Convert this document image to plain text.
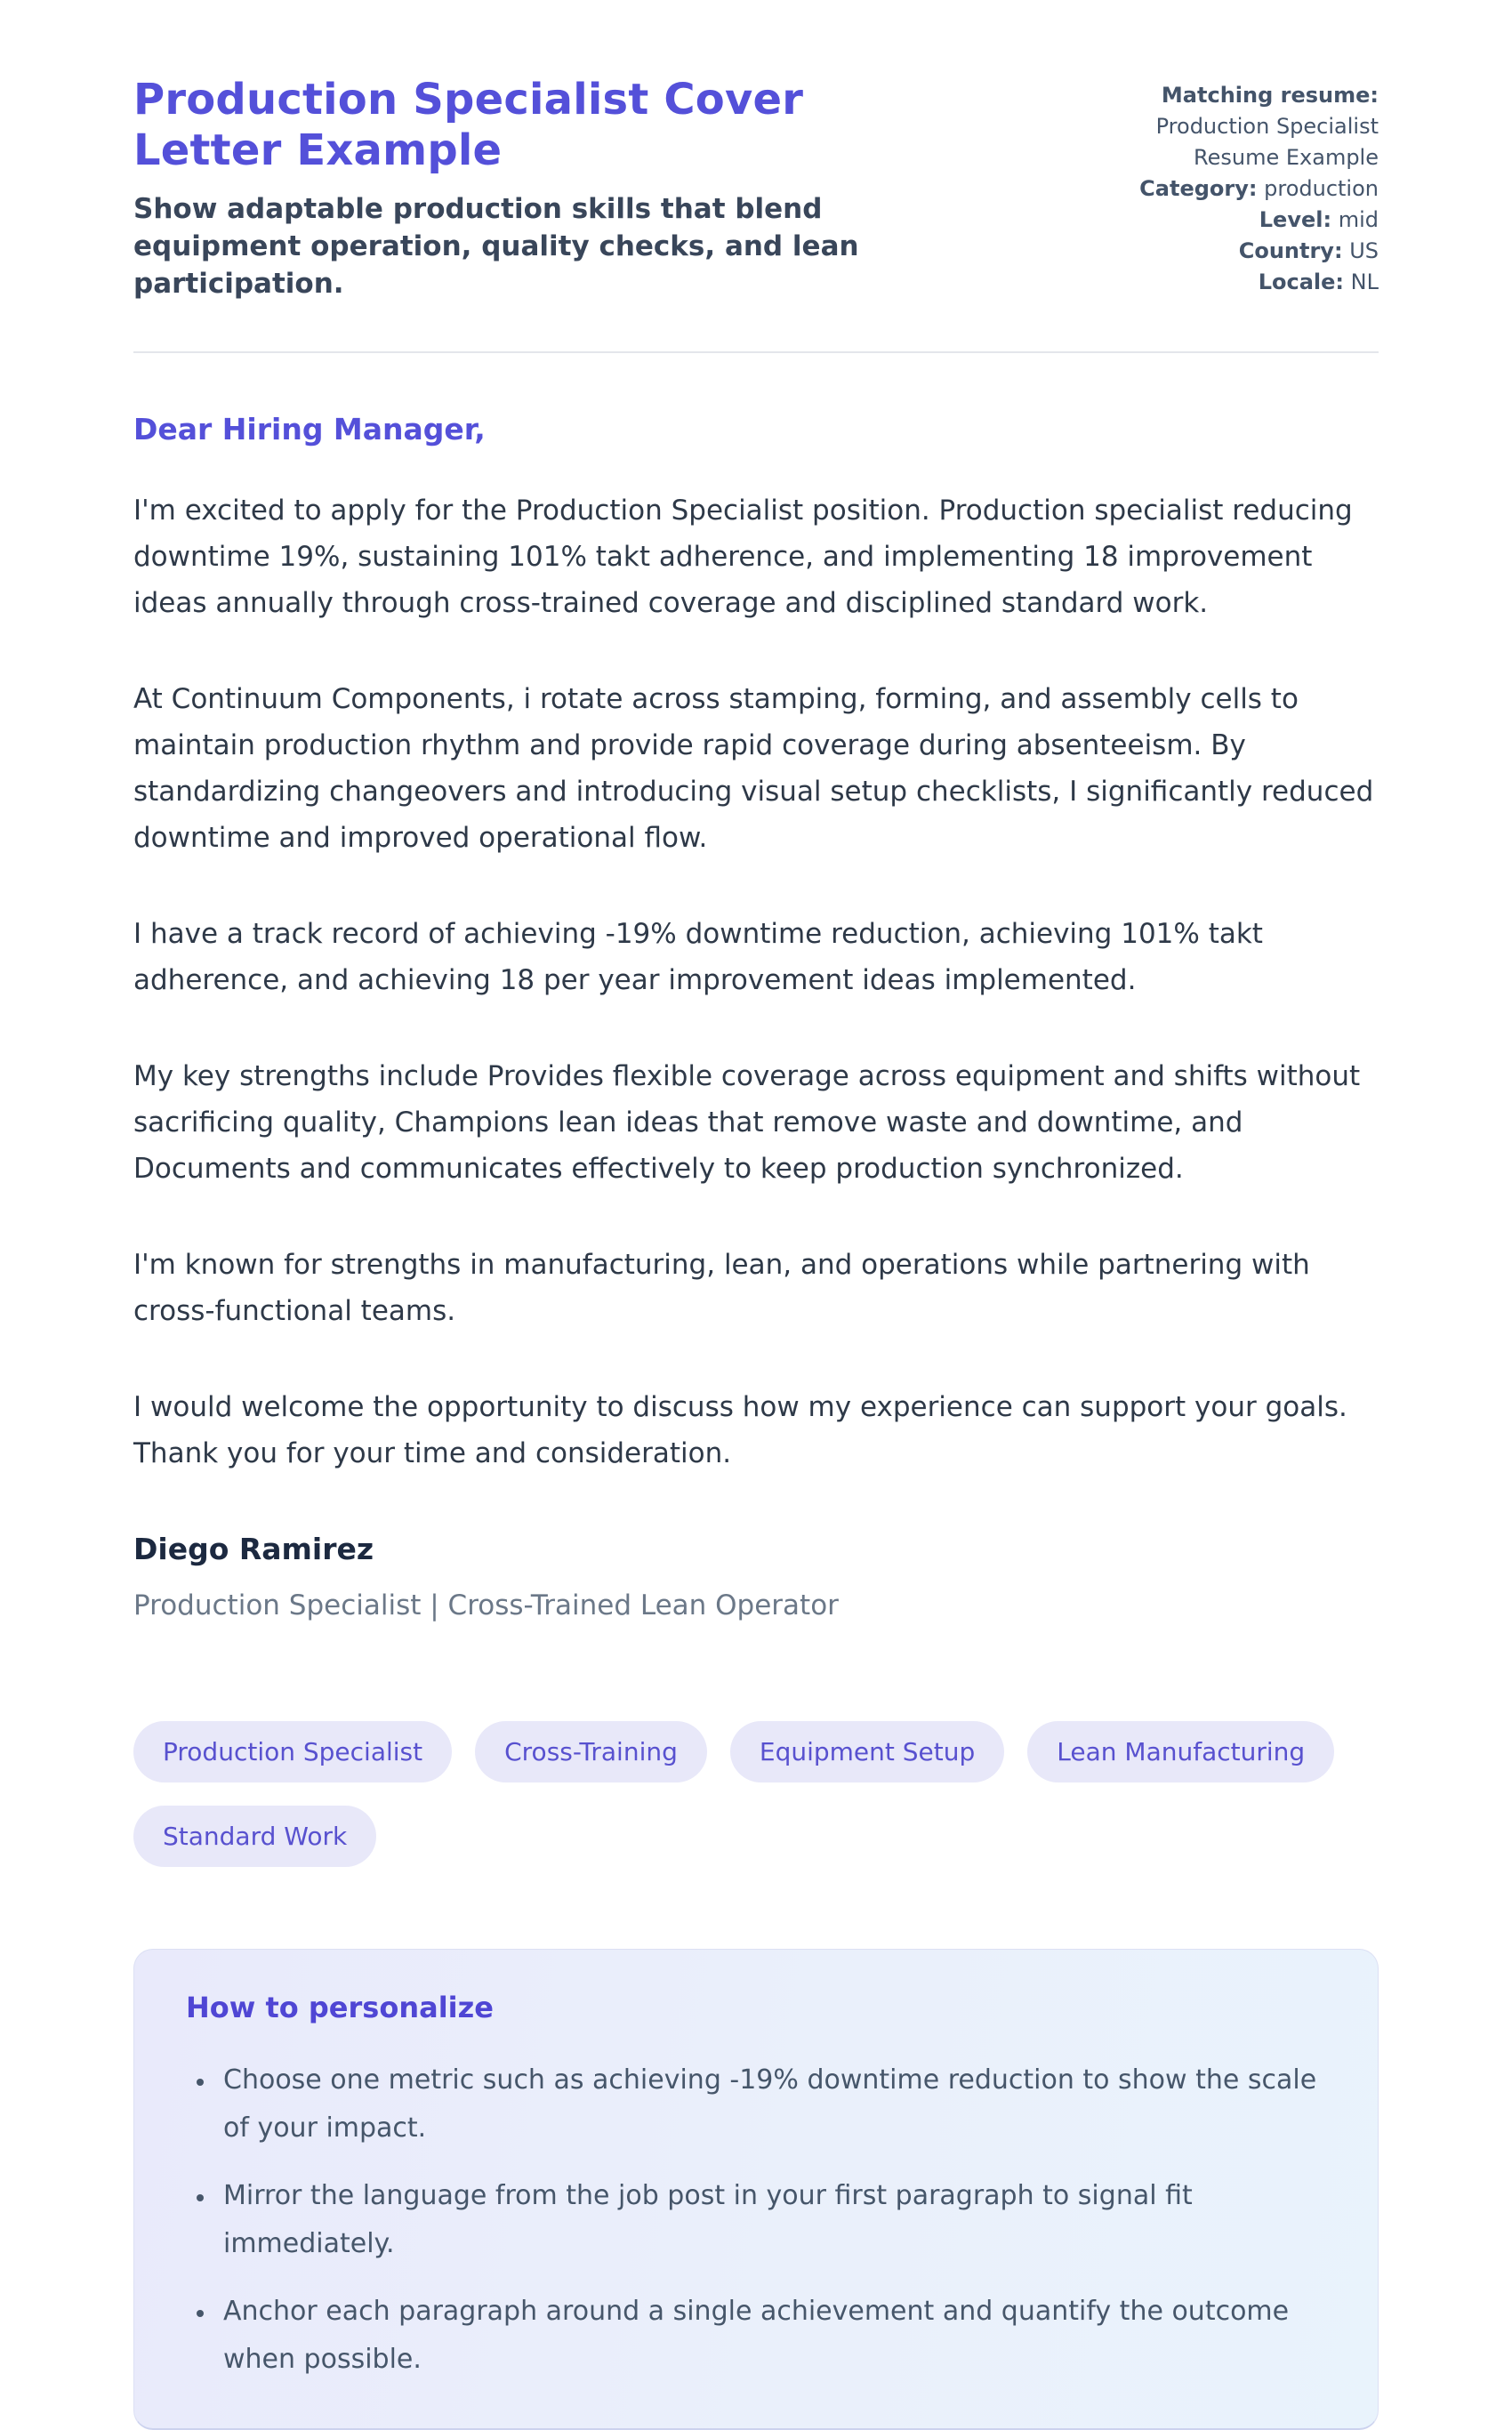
Production Specialist Cover Letter Example
Show adaptable production skills that blend equipment operation, quality checks, and lean participation.
Matching resume: Production Specialist Resume Example
Category: production
Level: mid
Country: US
Locale: NL
Dear Hiring Manager,

I'm excited to apply for the Production Specialist position. Production specialist reducing downtime 19%, sustaining 101% takt adherence, and implementing 18 improvement ideas annually through cross-trained coverage and disciplined standard work.

At Continuum Components, i rotate across stamping, forming, and assembly cells to maintain production rhythm and provide rapid coverage during absenteeism. By standardizing changeovers and introducing visual setup checklists, I significantly reduced downtime and improved operational flow.

I have a track record of achieving -19% downtime reduction, achieving 101% takt adherence, and achieving 18 per year improvement ideas implemented.

My key strengths include Provides flexible coverage across equipment and shifts without sacrificing quality, Champions lean ideas that remove waste and downtime, and Documents and communicates effectively to keep production synchronized.

I'm known for strengths in manufacturing, lean, and operations while partnering with cross-functional teams.

I would welcome the opportunity to discuss how my experience can support your goals. Thank you for your time and consideration.

Diego Ramirez
Production Specialist | Cross-Trained Lean Operator
Production Specialist	Cross-Training	Equipment Setup	Lean Manufacturing
Standard Work
How to personalize
• Choose one metric such as achieving -19% downtime reduction to show the scale of your impact.
• Mirror the language from the job post in your first paragraph to signal fit immediately.
• Anchor each paragraph around a single achievement and quantify the outcome when possible.
